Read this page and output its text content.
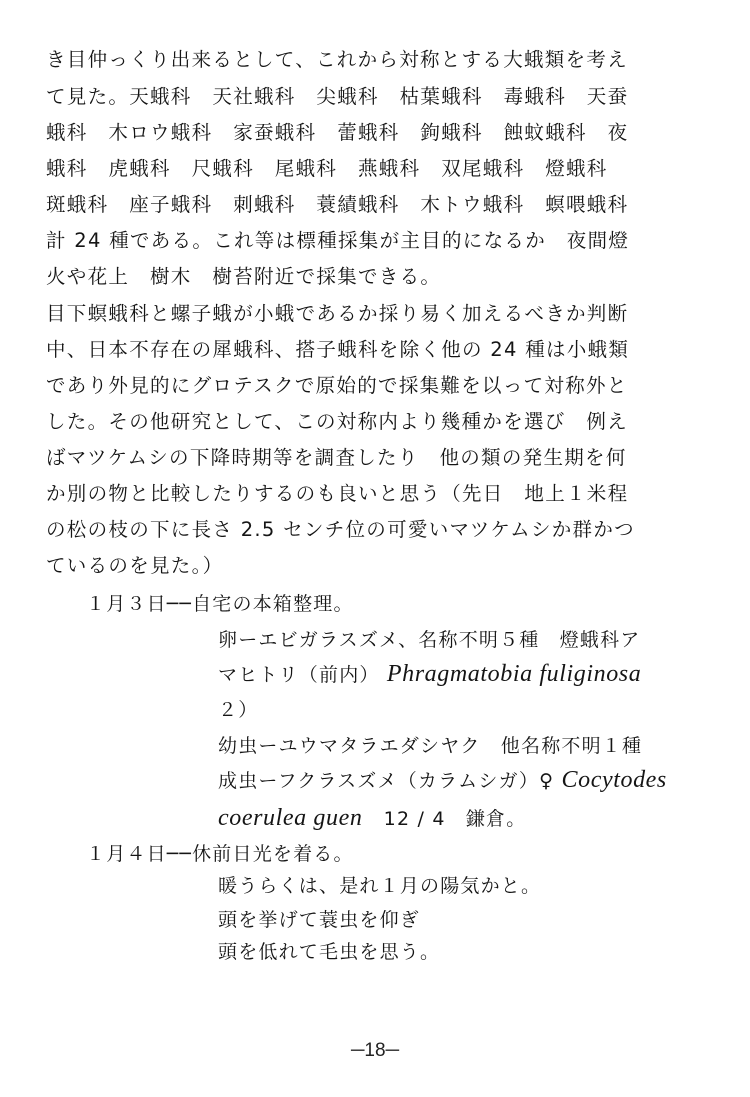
き目仲っくり出来るとして、これから対称とする大蛾類を考え
て見た。天蛾科　天社蛾科　尖蛾科　枯葉蛾科　毒蛾科　天蚕
蛾科　木ロウ蛾科　家蚕蛾科　蕾蛾科　鉤蛾科　蝕蚊蛾科　夜
蛾科　虎蛾科　尺蛾科　尾蛾科　燕蛾科　双尾蛾科　燈蛾科
斑蛾科　座子蛾科　刺蛾科　蓑績蛾科　木トウ蛾科　螟喂蛾科
計 24 種である。これ等は標種採集が主目的になるか　夜間燈
火や花上　樹木　樹苔附近で採集できる。
目下螟蛾科と螺子蛾が小蛾であるか採り易く加えるべきか判断
中、日本不存在の犀蛾科、搭子蛾科を除く他の 24 種は小蛾類
であり外見的にグロテスクで原始的で採集難を以って対称外と
した。その他研究として、この対称内より幾種かを選び　例え
ばマツケムシの下降時期等を調査したり　他の類の発生期を何
か別の物と比較したりするのも良いと思う（先日　地上１米程
の松の枝の下に長さ 2.5 センチ位の可愛いマツケムシか群かつ
ているのを見た。）
１月３日──自宅の本箱整理。
卵ーエビガラスズメ、名称不明５種　燈蛾科ア
マヒトリ（前内） Phragmatobia fuliginosa
２）
幼虫ーユウマタラエダシヤク　他名称不明１種
成虫ーフクラスズメ（カラムシガ）♀ Cocytodes
coerulea guen 12 / 4　鎌倉。
１月４日──休前日光を着る。
暖うらくは、是れ１月の陽気かと。
頭を挙げて蓑虫を仰ぎ
頭を低れて毛虫を思う。
─18─
